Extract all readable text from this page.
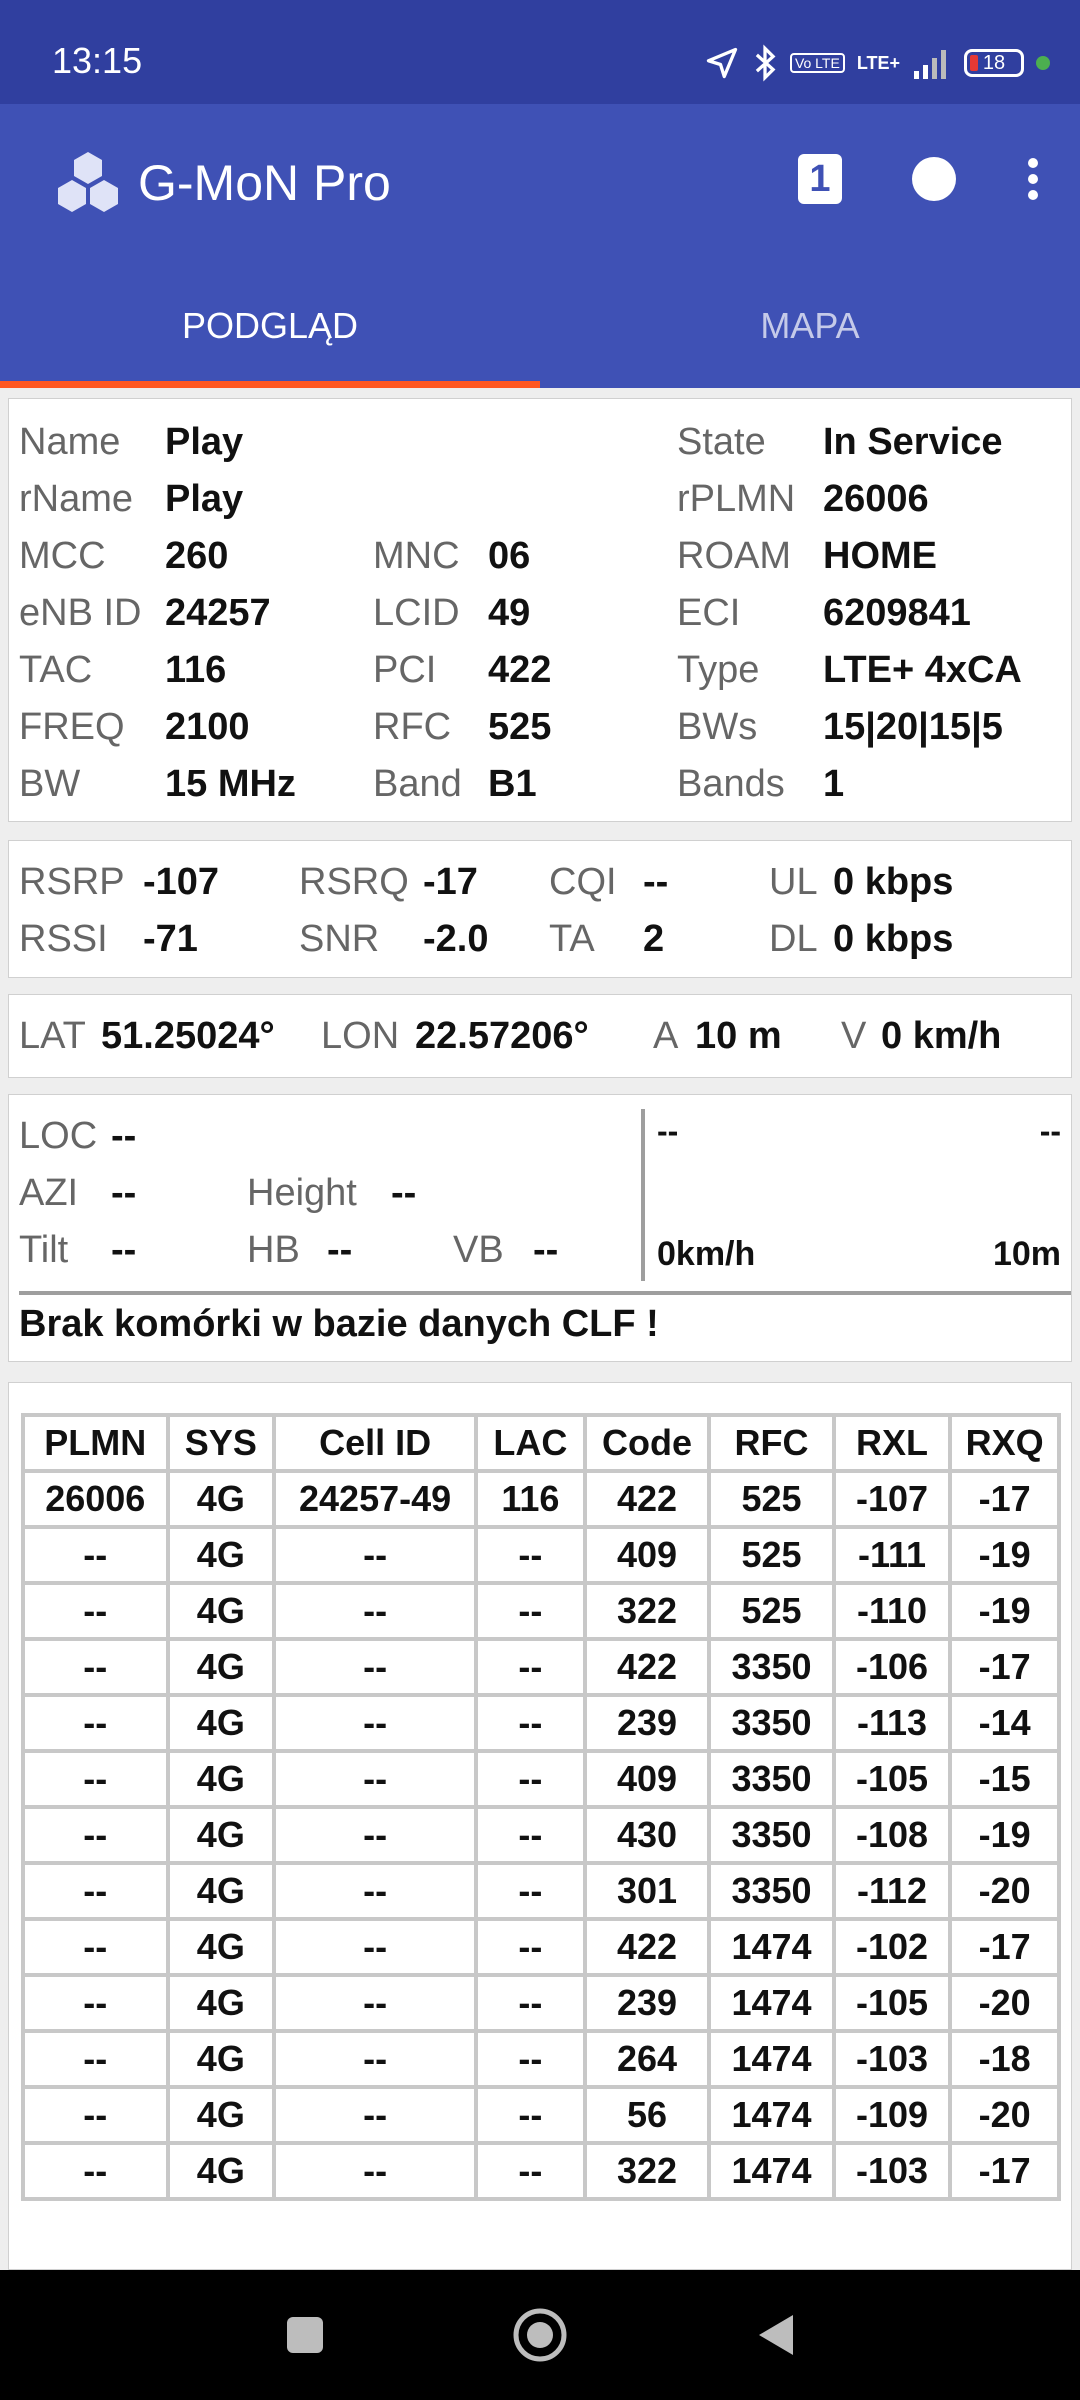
13:15	Vo LTE LTE+	18
G-MoN Pro	1
PODGLĄD	MAPA
Name Play	State In Service
rName Play	rPLMN 26006
MCC 260	MNC 06	ROAM HOME
eNB ID 24257	LCID 49	ECI 6209841
TAC 116	PCI 422	Type LTE+ 4xCA
FREQ 2100	RFC 525	BWs 15|20|15|5
BW 15 MHz Band B1	Bands 1
RSRP -107 RSRQ -17 CQI --	UL 0 kbps
RSSI -71	SNR -2.0 TA 2	DL 0 kbps
LAT 51.25024° LON 22.57206° A 10 m V 0 km/h
LOC --
AZI --	Height --
Tilt --	HB --	VB --
--	--
0km/h	10m
Brak komórki w bazie danych CLF !
PLMN	SYS	Cell ID	LAC	Code	RFC	RXL	RXQ
26006	4G	24257-49	116	422	525	-107	-17
--	4G	--	--	409	525	-111	-19
--	4G	--	--	322	525	-110	-19
--	4G	--	--	422	3350	-106	-17
--	4G	--	--	239	3350	-113	-14
--	4G	--	--	409	3350	-105	-15
--	4G	--	--	430	3350	-108	-19
--	4G	--	--	301	3350	-112	-20
--	4G	--	--	422	1474	-102	-17
--	4G	--	--	239	1474	-105	-20
--	4G	--	--	264	1474	-103	-18
--	4G	--	--	56	1474	-109	-20
--	4G	--	--	322	1474	-103	-17
